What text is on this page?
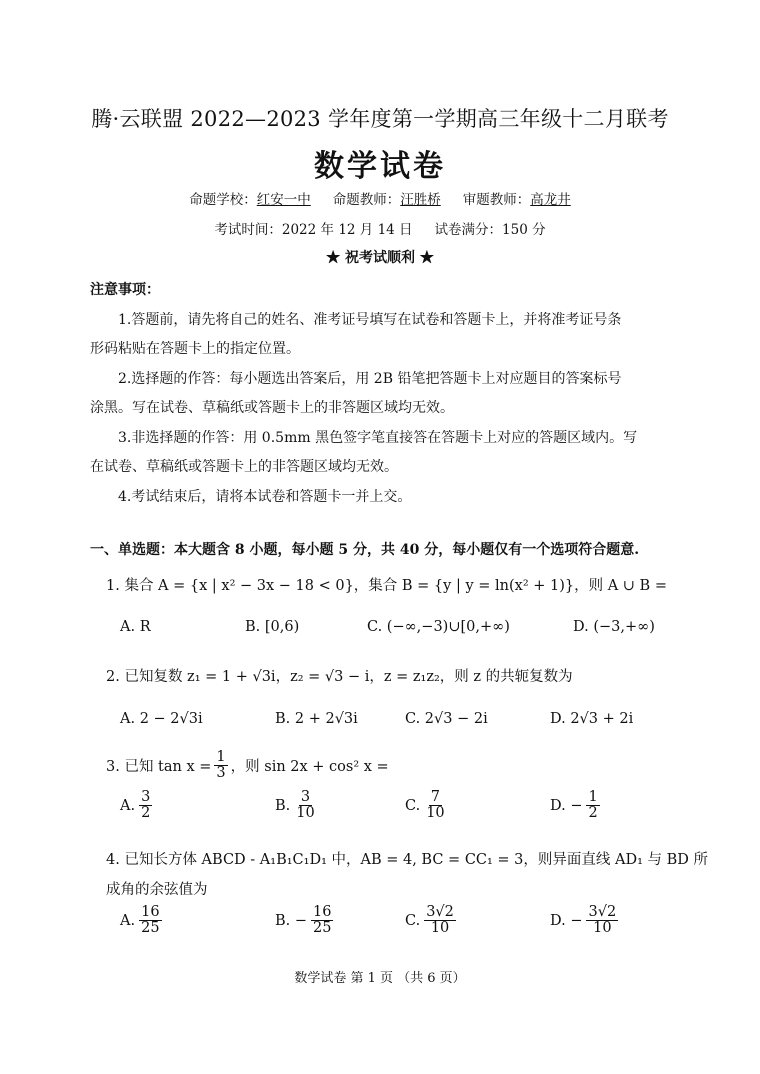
腾·云联盟 2022—2023 学年度第一学期高三年级十二月联考
数学试卷
命题学校：红安一中 命题教师：汪胜桥 审题教师：高龙井
考试时间：2022 年 12 月 14 日 试卷满分：150 分
★ 祝考试顺利 ★
注意事项：
1.答题前，请先将自己的姓名、准考证号填写在试卷和答题卡上，并将准考证号条
形码粘贴在答题卡上的指定位置。
2.选择题的作答：每小题选出答案后，用 2B 铅笔把答题卡上对应题目的答案标号
涂黑。写在试卷、草稿纸或答题卡上的非答题区域均无效。
3.非选择题的作答：用 0.5mm 黑色签字笔直接答在答题卡上对应的答题区域内。写
在试卷、草稿纸或答题卡上的非答题区域均无效。
4.考试结束后，请将本试卷和答题卡一并上交。
一、单选题：本大题含 8 小题，每小题 5 分，共 40 分，每小题仅有一个选项符合题意.
1. 集合 A = {x | x² − 3x − 18 < 0}，集合 B = {y | y = ln(x² + 1)}，则 A ∪ B =
A. R	B. [0,6)	C. (−∞,−3)∪[0,+∞)	D. (−3,+∞)
2. 已知复数 z₁ = 1 + √3i，z₂ = √3 − i，z = z₁z₂，则 z 的共轭复数为
A. 2 − 2√3i	B. 2 + 2√3i	C. 2√3 − 2i	D. 2√3 + 2i
3. 已知 $\tan x = \frac{1}{3}$ ，则 sin 2x + cos² x =
A. $\frac{3}{2}$	B. $\frac{3}{10}$	C. $\frac{7}{10}$	D. − $\frac{1}{2}$
4. 已知长方体 ABCD - A₁B₁C₁D₁ 中，AB = 4, BC = CC₁ = 3，则异面直线 AD₁ 与 BD 所
成角的余弦值为
A. $\frac{16}{25}$	B. − $\frac{16}{25}$	C. $\frac{3√2}{10}$	D. − $\frac{3√2}{10}$
数学试卷 第 1 页 （共 6 页）
